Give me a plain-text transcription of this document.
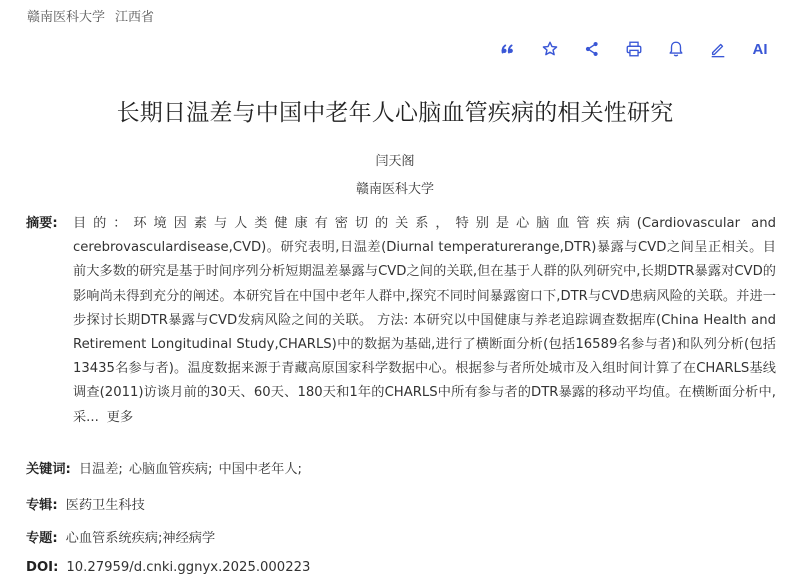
赣南医科大学 江西省
AI
长期日温差与中国中老年人心脑血管疾病的相关性研究
闫天阁
赣南医科大学
摘要: 目的：环境因素与人类健康有密切的关系，特别是心脑血管疾病(Cardiovascular and cerebrovasculardisease,CVD)。研究表明,日温差(Diurnal temperaturerange,DTR)暴露与CVD之间呈正相关。目前大多数的研究是基于时间序列分析短期温差暴露与CVD之间的关联,但在基于人群的队列研究中,长期DTR暴露对CVD的影响尚未得到充分的阐述。本研究旨在中国中老年人群中,探究不同时间暴露窗口下,DTR与CVD患病风险的关联。并进一步探讨长期DTR暴露与CVD发病风险之间的关联。 方法: 本研究以中国健康与养老追踪调查数据库(China Health and Retirement Longitudinal Study,CHARLS)中的数据为基础,进行了横断面分析(包括16589名参与者)和队列分析(包括13435名参与者)。温度数据来源于青藏高原国家科学数据中心。根据参与者所处城市及入组时间计算了在CHARLS基线调查(2011)访谈月前的30天、60天、180天和1年的CHARLS中所有参与者的DTR暴露的移动平均值。在横断面分析中,采... 更多
关键词: 日温差; 心脑血管疾病; 中国中老年人;
专辑: 医药卫生科技
专题: 心血管系统疾病;神经病学
DOI: 10.27959/d.cnki.ggnyx.2025.000223
